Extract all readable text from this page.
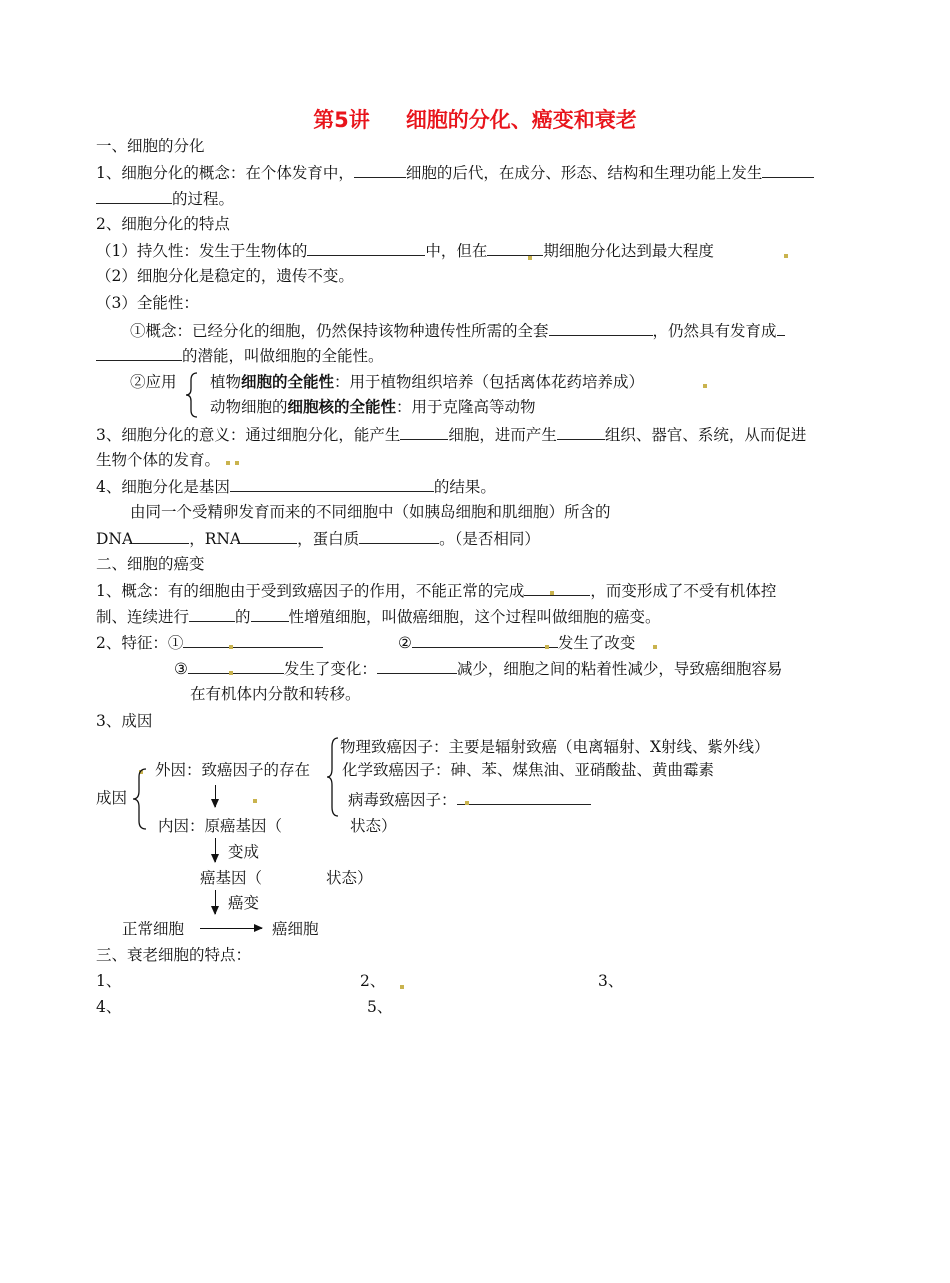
第5讲 细胞的分化、癌变和衰老
一、细胞的分化
1、细胞分化的概念：在个体发育中，	细胞的后代，在成分、形态、结构和生理功能上发生
的过程。
2、细胞分化的特点
（1）持久性：发生于生物体的	中，但在	期细胞分化达到最大程度
（2）细胞分化是稳定的，遗传不变。
（3）全能性：
①概念：已经分化的细胞，仍然保持该物种遗传性所需的全套	，仍然具有发育成
的潜能，叫做细胞的全能性。
②应用 植物细胞的全能性：用于植物组织培养（包括离体花药培养成）
动物细胞的细胞核的全能性：用于克隆高等动物
3、细胞分化的意义：通过细胞分化，能产生	细胞，进而产生	组织、器官、系统，从而促进
生物个体的发育。
4、细胞分化是基因	的结果。
由同一个受精卵发育而来的不同细胞中（如胰岛细胞和肌细胞）所含的
DNA	，RNA	，蛋白质	。（是否相同）
二、细胞的癌变
1、概念：有的细胞由于受到致癌因子的作用，不能正常的完成	，而变形成了不受有机体控
制、连续进行	的 性增殖细胞，叫做癌细胞，这个过程叫做细胞的癌变。
2、特征：①	②	发生了改变
③	发生了变化：	减少，细胞之间的粘着性减少，导致癌细胞容易
在有机体内分散和转移。
3、成因
物理致癌因子：主要是辐射致癌（电离辐射、X射线、紫外线）
外因：致癌因子的存在 化学致癌因子：砷、苯、煤焦油、亚硝酸盐、黄曲霉素
成因	病毒致癌因子：
内因：原癌基因（	状态）
变成
癌基因（	状态）
癌变
正常细胞	癌细胞
三、衰老细胞的特点：
1、	2、	3、
4、	5、
